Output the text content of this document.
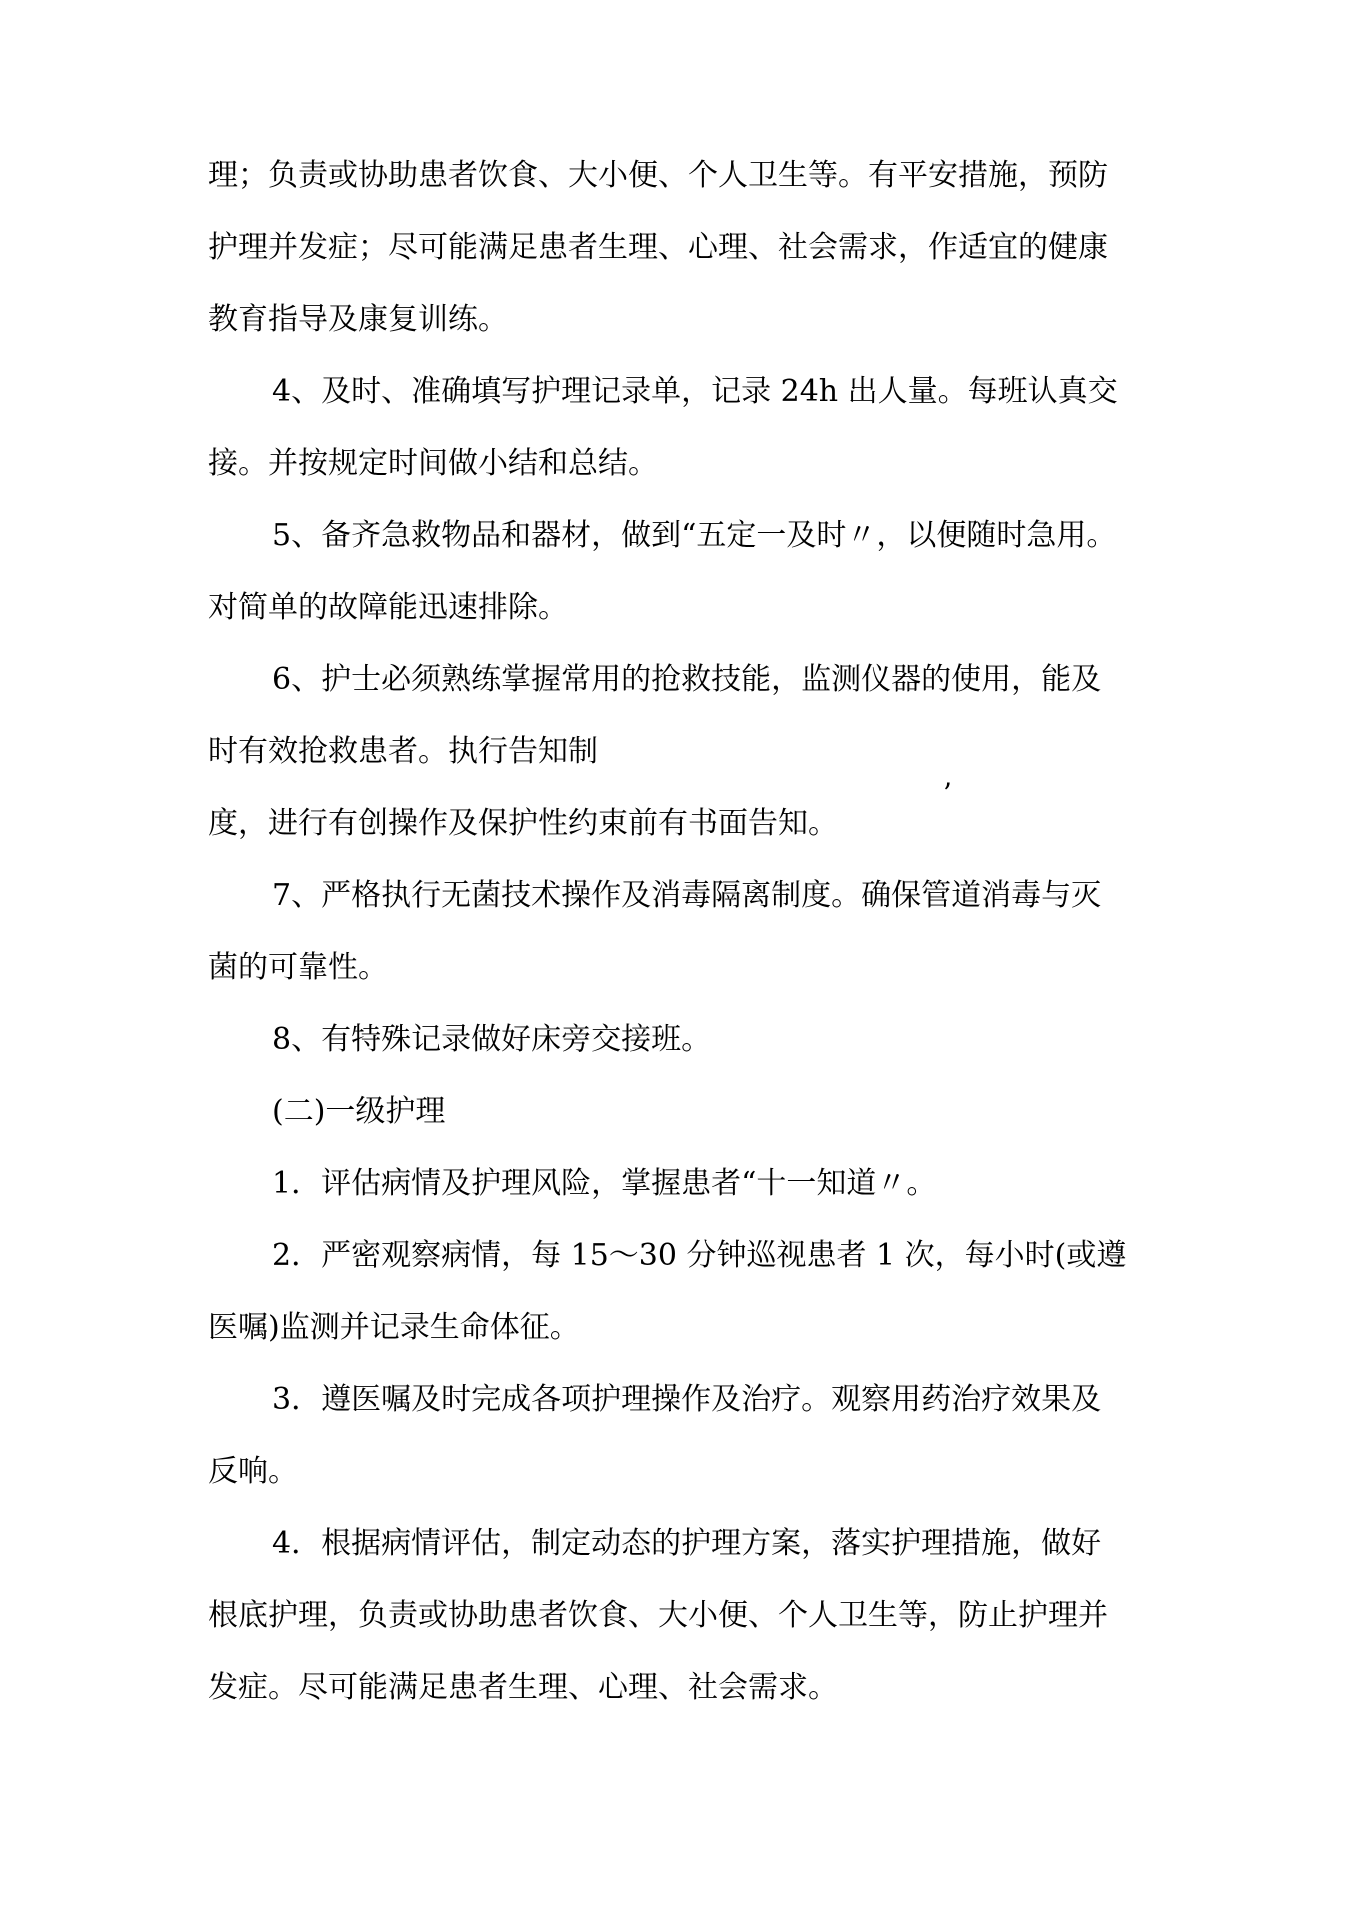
理；负责或协助患者饮食、大小便、个人卫生等。有平安措施，预防
护理并发症；尽可能满足患者生理、心理、社会需求，作适宜的健康
教育指导及康复训练。
4、及时、准确填写护理记录单，记录 24h 出人量。每班认真交
接。并按规定时间做小结和总结。
5、备齐急救物品和器材，做到“五定一及时〃，以便随时急用。
对简单的故障能迅速排除。
6、护士必须熟练掌握常用的抢救技能，监测仪器的使用，能及
时有效抢救患者。执行告知制
度，进行有创操作及保护性约束前有书面告知。
7、严格执行无菌技术操作及消毒隔离制度。确保管道消毒与灭
菌的可靠性。
8、有特殊记录做好床旁交接班。
(二)一级护理
1．评估病情及护理风险，掌握患者“十一知道〃。
2．严密观察病情，每 15～30 分钟巡视患者 1 次，每小时(或遵
医嘱)监测并记录生命体征。
3．遵医嘱及时完成各项护理操作及治疗。观察用药治疗效果及
反响。
4．根据病情评估，制定动态的护理方案，落实护理措施，做好
根底护理，负责或协助患者饮食、大小便、个人卫生等，防止护理并
发症。尽可能满足患者生理、心理、社会需求。
’
